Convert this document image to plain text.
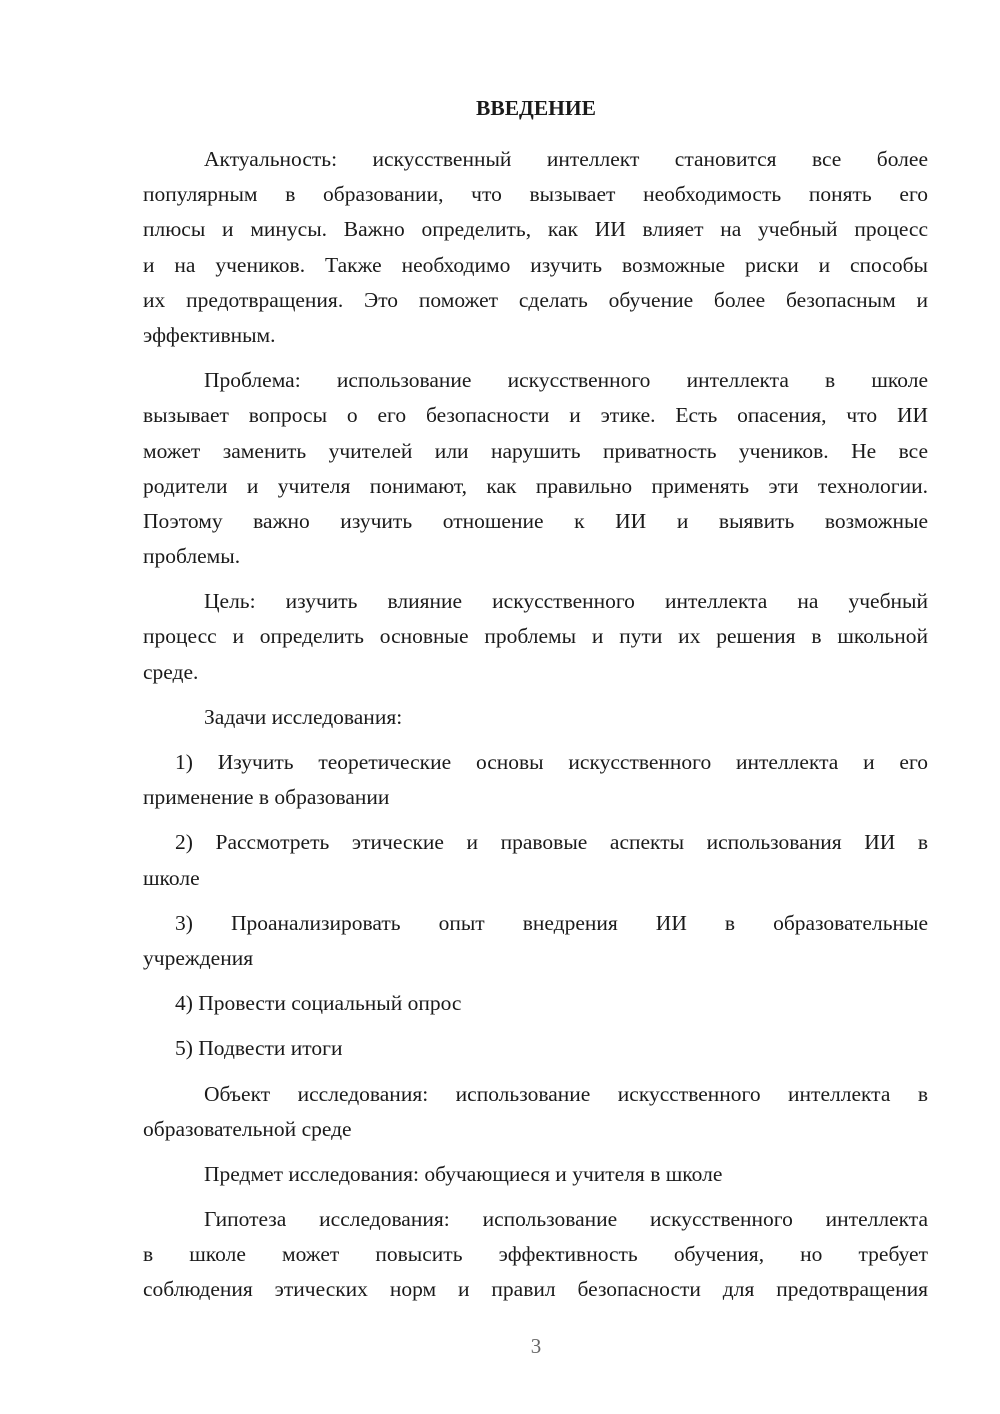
ВВЕДЕНИЕ
Актуальность: искусственный интеллект становится все более
популярным в образовании, что вызывает необходимость понять его
плюсы и минусы. Важно определить, как ИИ влияет на учебный процесс
и на учеников. Также необходимо изучить возможные риски и способы
их предотвращения. Это поможет сделать обучение более безопасным и
эффективным.
Проблема: использование искусственного интеллекта в школе
вызывает вопросы о его безопасности и этике. Есть опасения, что ИИ
может заменить учителей или нарушить приватность учеников. Не все
родители и учителя понимают, как правильно применять эти технологии.
Поэтому важно изучить отношение к ИИ и выявить возможные
проблемы.
Цель: изучить влияние искусственного интеллекта на учебный
процесс и определить основные проблемы и пути их решения в школьной
среде.
Задачи исследования:
1) Изучить теоретические основы искусственного интеллекта и его
применение в образовании
2) Рассмотреть этические и правовые аспекты использования ИИ в
школе
3) Проанализировать опыт внедрения ИИ в образовательные
учреждения
4) Провести социальный опрос
5) Подвести итоги
Объект исследования: использование искусственного интеллекта в
образовательной среде
Предмет исследования: обучающиеся и учителя в школе
Гипотеза исследования: использование искусственного интеллекта
в школе может повысить эффективность обучения, но требует
соблюдения этических норм и правил безопасности для предотвращения
3
